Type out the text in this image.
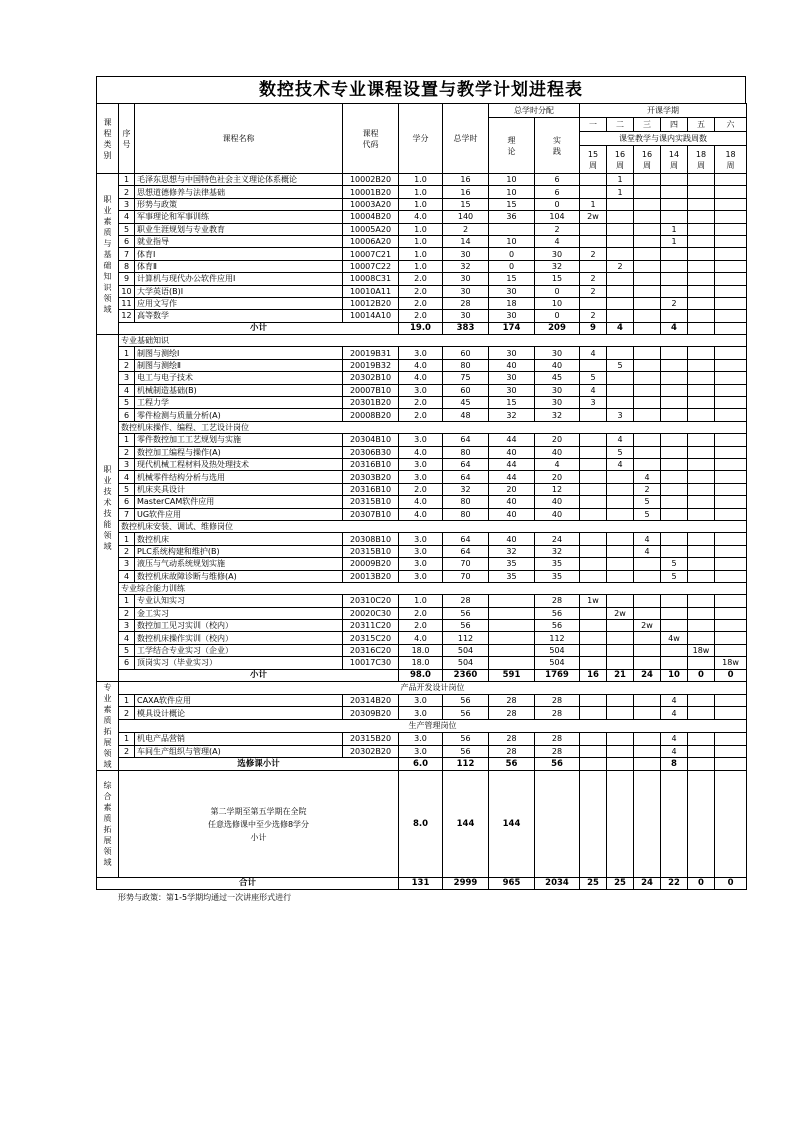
数控技术专业课程设置与教学计划进程表
课程类别	序号	课程名称	课程代码	学分	总学时	总学时分配		开课学期					

						理论	实践	一	二	三	四	五	六
								课堂教学与课内实践周数					

								15周	16周	16周	14周	18周	18周

职业素质与基础知识领域	1	毛泽东思想与中国特色社会主义理论体系概论	10002B20	1.0	16	10	6		1				
	2	思想道德修养与法律基础	10001B20	1.0	16	10	6		1				
	3	形势与政策	10003A20	1.0	15	15	0	1					
	4	军事理论和军事训练	10004B20	4.0	140	36	104	2w					
	5	职业生涯规划与专业教育	10005A20	1.0	2		2				1		
	6	就业指导	10006A20	1.0	14	10	4				1		
	7	体育Ⅰ	10007C21	1.0	30	0	30	2					
	8	体育Ⅱ	10007C22	1.0	32	0	32		2				
	9	计算机与现代办公软件应用Ⅰ	10008C31	2.0	30	15	15	2					
	10	大学英语(B)Ⅰ	10010A11	2.0	30	30	0	2					
	11	应用文写作	10012B20	2.0	28	18	10				2		
	12	高等数学	10014A10	2.0	30	30	0	2					
	小计			19.0	383	174	209	9	4		4		

职业技术技能领域	专业基础知识												
	1	制图与测绘Ⅰ	20019B31	3.0	60	30	30	4					
	2	制图与测绘Ⅱ	20019B32	4.0	80	40	40		5				
	3	电工与电子技术	20302B10	4.0	75	30	45	5					
	4	机械制造基础(B)	20007B10	3.0	60	30	30	4					
	5	工程力学	20301B20	2.0	45	15	30	3					
	6	零件检测与质量分析(A)	20008B20	2.0	48	32	32		3				
	数控机床操作、编程、工艺设计岗位												
	1	零件数控加工工艺规划与实施	20304B10	3.0	64	44	20		4				
	2	数控加工编程与操作(A)	20306B30	4.0	80	40	40		5				
	3	现代机械工程材料及热处理技术	20316B10	3.0	64	44	4		4				
	4	机械零件结构分析与选用	20303B20	3.0	64	44	20			4			
	5	机床夹具设计	20316B10	2.0	32	20	12			2			
	6	MasterCAM软件应用	20315B10	4.0	80	40	40			5			
	7	UG软件应用	20307B10	4.0	80	40	40			5			
	数控机床安装、调试、维修岗位												
	1	数控机床	20308B10	3.0	64	40	24			4			
	2	PLC系统构建和维护(B)	20315B10	3.0	64	32	32			4			
	3	液压与气动系统规划实施	20009B20	3.0	70	35	35				5		
	4	数控机床故障诊断与维修(A)	20013B20	3.0	70	35	35				5		
	专业综合能力训练												
	1	专业认知实习	20310C20	1.0	28		28	1w					
	2	金工实习	20020C30	2.0	56		56		2w				
	3	数控加工见习实训（校内）	20311C20	2.0	56		56			2w			
	4	数控机床操作实训（校内）	20315C20	4.0	112		112				4w		
	5	工学结合专业实习（企业）	20316C20	18.0	504		504					18w	
	6	顶岗实习（毕业实习）	10017C30	18.0	504		504						18w
	小计			98.0	2360	591	1769	16	21	24	10	0	0

专业素质拓展领域	产品开发设计岗位												
	1	CAXA软件应用	20314B20	3.0	56	28	28				4		
	2	模具设计概论	20309B20	3.0	56	28	28				4		
	生产管理岗位												
	1	机电产品营销	20315B20	3.0	56	28	28				4		
	2	车间生产组织与管理(A)	20302B20	3.0	56	28	28				4		
	选修课小计			6.0	112	56	56				8		

综合素质拓展领域	第二学期至第五学期在全院
任意选修课中至少选修8学分
小计			8.0	144	144							
合计				131	2999	965	2034	25	25	24	22	0	0
形势与政策：第1-5学期均通过一次讲座形式进行
